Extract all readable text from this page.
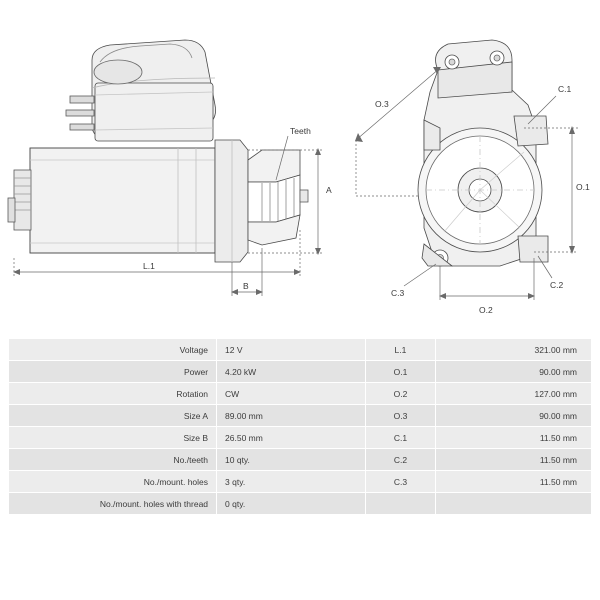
Teeth
A
L.1
B
O.3
C.1
O.1
C.2
C.3
O.2
Voltage	12 V	L.1	321.00 mm
Power	4.20 kW	O.1	90.00 mm
Rotation	CW	O.2	127.00 mm
Size A	89.00 mm	O.3	90.00 mm
Size B	26.50 mm	C.1	11.50 mm
No./teeth	10 qty.	C.2	11.50 mm
No./mount. holes	3 qty.	C.3	11.50 mm
No./mount. holes with thread	0 qty.		
